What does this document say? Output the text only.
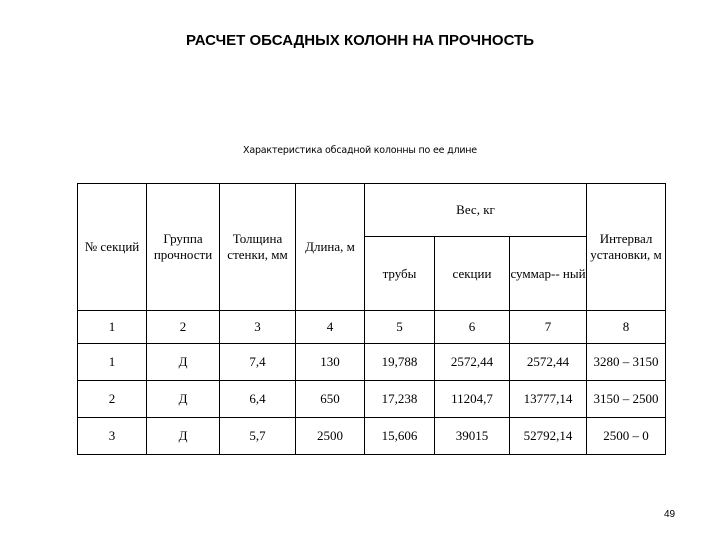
РАСЧЕТ ОБСАДНЫХ КОЛОНН НА ПРОЧНОСТЬ
Характеристика обсадной колонны по ее длине
№ секций	Группа прочности	Толщина стенки, мм	Длина, м	Вес, кг			Интервал установки, м
				трубы	секции	суммар-- ный	
1	2	3	4	5	6	7	8
1	Д	7,4	130	19,788	2572,44	2572,44	3280 – 3150
2	Д	6,4	650	17,238	11204,7	13777,14	3150 – 2500
3	Д	5,7	2500	15,606	39015	52792,14	2500 – 0
49
